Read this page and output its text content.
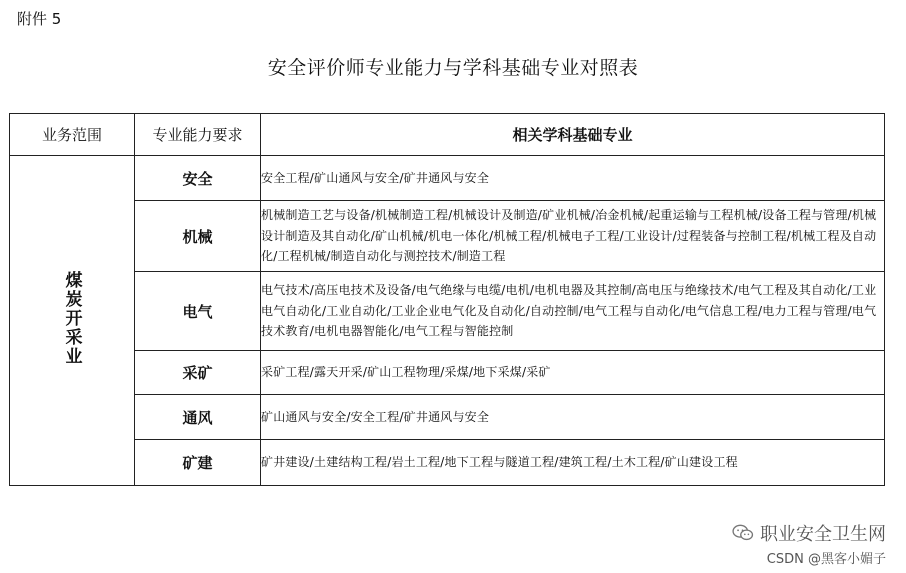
附件 5
安全评价师专业能力与学科基础专业对照表
业务范围	专业能力要求	相关学科基础专业
煤炭开采业	安全	安全工程/矿山通风与安全/矿井通风与安全
	机械	机械制造工艺与设备/机械制造工程/机械设计及制造/矿业机械/冶金机械/起重运输与工程机械/设备工程与管理/机械设计制造及其自动化/矿山机械/机电一体化/机械工程/机械电子工程/工业设计/过程装备与控制工程/机械工程及自动化/工程机械/制造自动化与测控技术/制造工程
	电气	电气技术/高压电技术及设备/电气绝缘与电缆/电机/电机电器及其控制/高电压与绝缘技术/电气工程及其自动化/工业电气自动化/工业自动化/工业企业电气化及自动化/自动控制/电气工程与自动化/电气信息工程/电力工程与管理/电气技术教育/电机电器智能化/电气工程与智能控制
	采矿	采矿工程/露天开采/矿山工程物理/采煤/地下采煤/采矿
	通风	矿山通风与安全/安全工程/矿井通风与安全
	矿建	矿井建设/土建结构工程/岩土工程/地下工程与隧道工程/建筑工程/土木工程/矿山建设工程
职业安全卫生网
CSDN @黑客小媚子
